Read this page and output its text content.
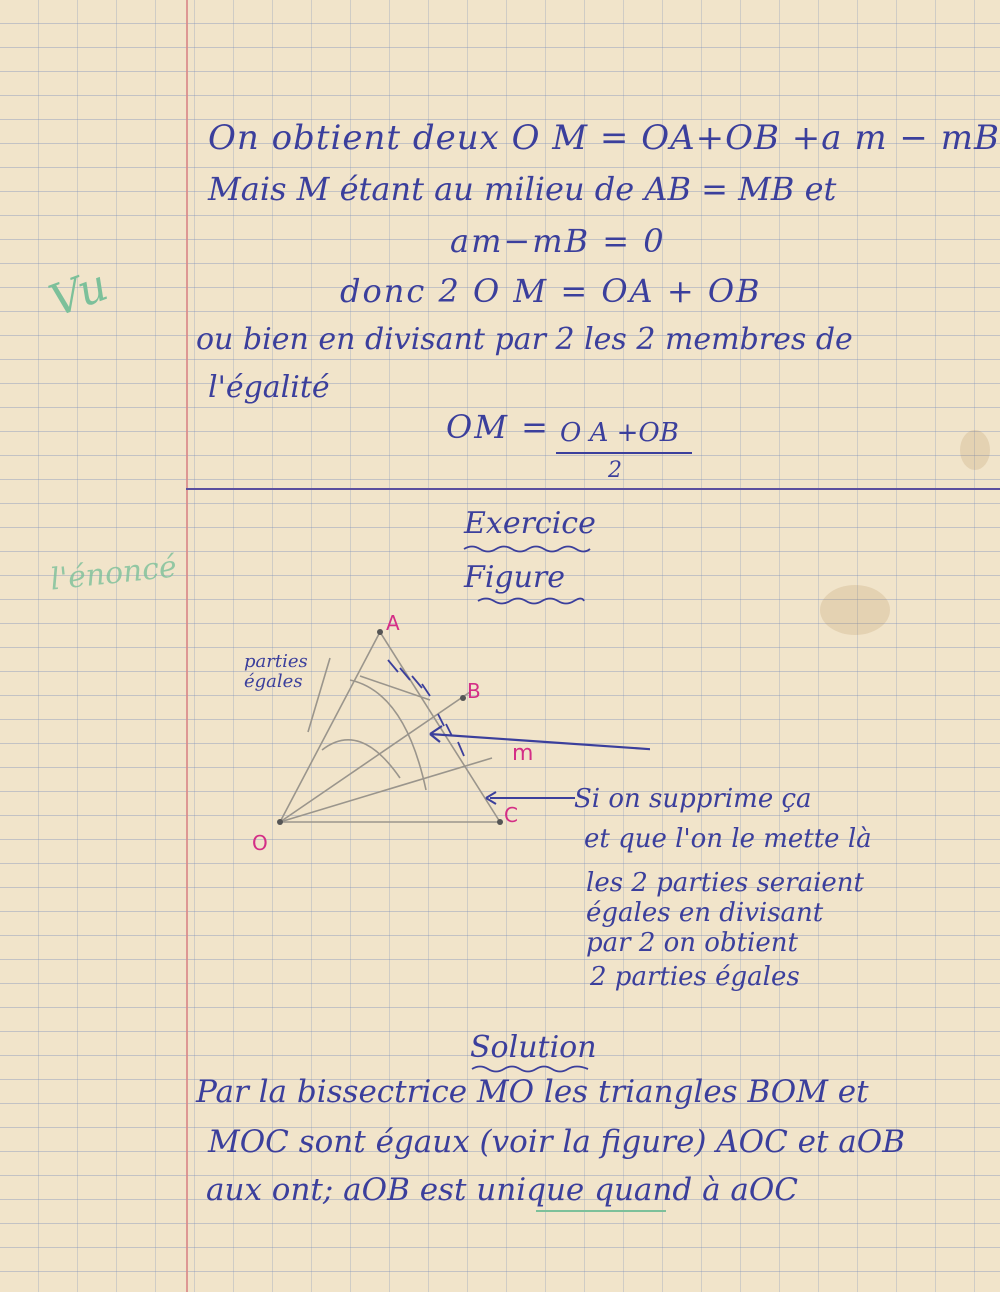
Vu
l'énoncé
On obtient deux O M = OA+OB +a m − mB
Mais M étant au milieu de AB = MB et
am−mB = 0
donc 2 O M = OA + OB
ou bien en divisant par 2 les 2 membres de
l'égalité
OM = O A +OB
2
Exercice
Figure
A
B
m
C
O
parties égales
Si on supprime ça
et que l'on le mette là
les 2 parties seraient
égales en divisant
par 2 on obtient
2 parties égales
Solution
Par la bissectrice MO les triangles BOM et
MOC sont égaux (voir la figure) AOC et aOB
aux ont; aOB est unique quand à aOC
